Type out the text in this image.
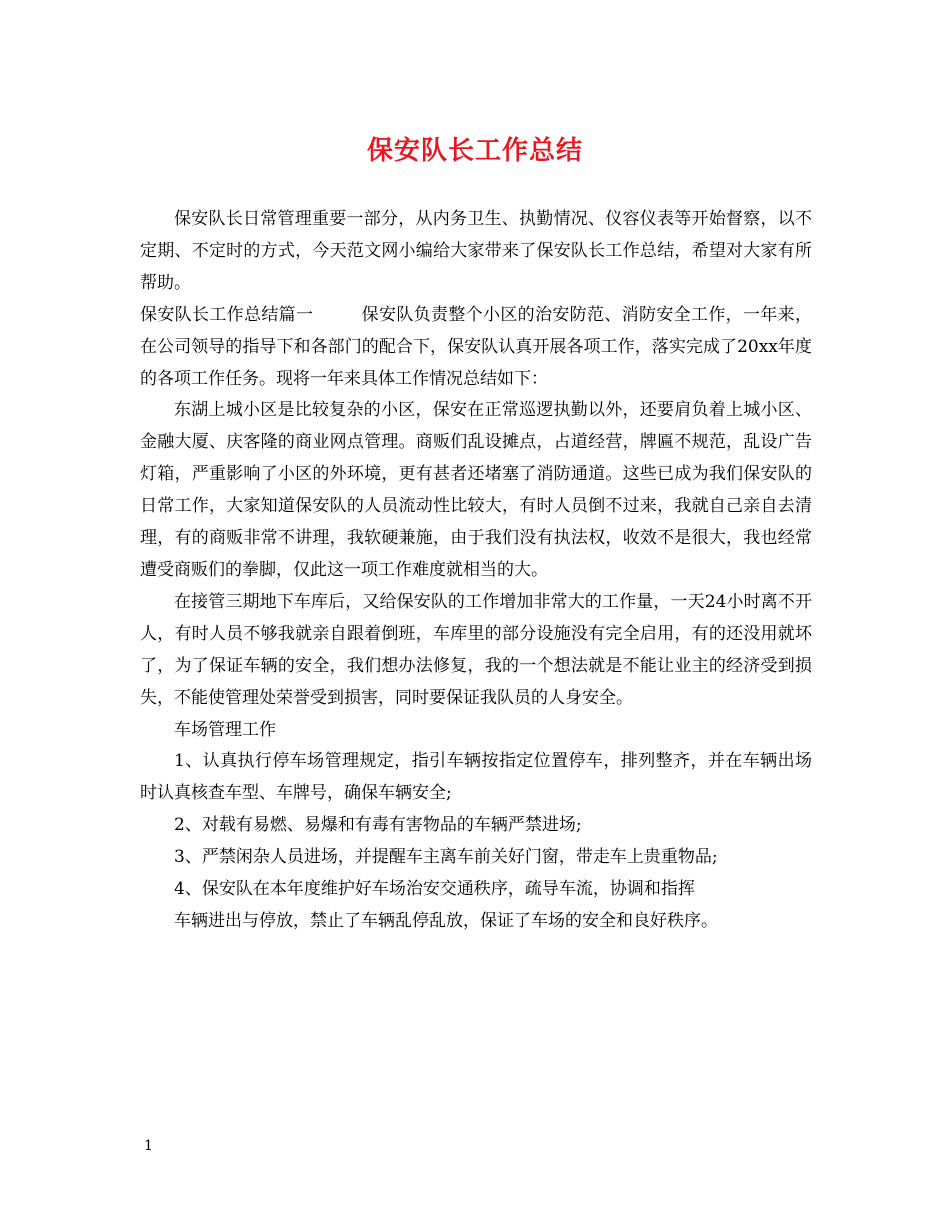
保安队长工作总结

保安队长日常管理重要一部分，从内务卫生、执勤情况、仪容仪表等开始督察，以不定期、不定时的方式，今天范文网小编给大家带来了保安队长工作总结，希望对大家有所帮助。

保安队长工作总结篇一	保安队负责整个小区的治安防范、消防安全工作，一年来，在公司领导的指导下和各部门的配合下，保安队认真开展各项工作，落实完成了20xx年度的各项工作任务。现将一年来具体工作情况总结如下：

东湖上城小区是比较复杂的小区，保安在正常巡逻执勤以外，还要肩负着上城小区、金融大厦、庆客隆的商业网点管理。商贩们乱设摊点，占道经营，牌匾不规范，乱设广告灯箱，严重影响了小区的外环境，更有甚者还堵塞了消防通道。这些已成为我们保安队的日常工作，大家知道保安队的人员流动性比较大，有时人员倒不过来，我就自己亲自去清理，有的商贩非常不讲理，我软硬兼施，由于我们没有执法权，收效不是很大，我也经常遭受商贩们的拳脚，仅此这一项工作难度就相当的大。

在接管三期地下车库后，又给保安队的工作增加非常大的工作量，一天24小时离不开人，有时人员不够我就亲自跟着倒班，车库里的部分设施没有完全启用，有的还没用就坏了，为了保证车辆的安全，我们想办法修复，我的一个想法就是不能让业主的经济受到损失，不能使管理处荣誉受到损害，同时要保证我队员的人身安全。

车场管理工作

1、认真执行停车场管理规定，指引车辆按指定位置停车，排列整齐，并在车辆出场时认真核查车型、车牌号，确保车辆安全;

2、对载有易燃、易爆和有毒有害物品的车辆严禁进场;

3、严禁闲杂人员进场，并提醒车主离车前关好门窗，带走车上贵重物品;

4、保安队在本年度维护好车场治安交通秩序，疏导车流，协调和指挥

车辆进出与停放，禁止了车辆乱停乱放，保证了车场的安全和良好秩序。

1
